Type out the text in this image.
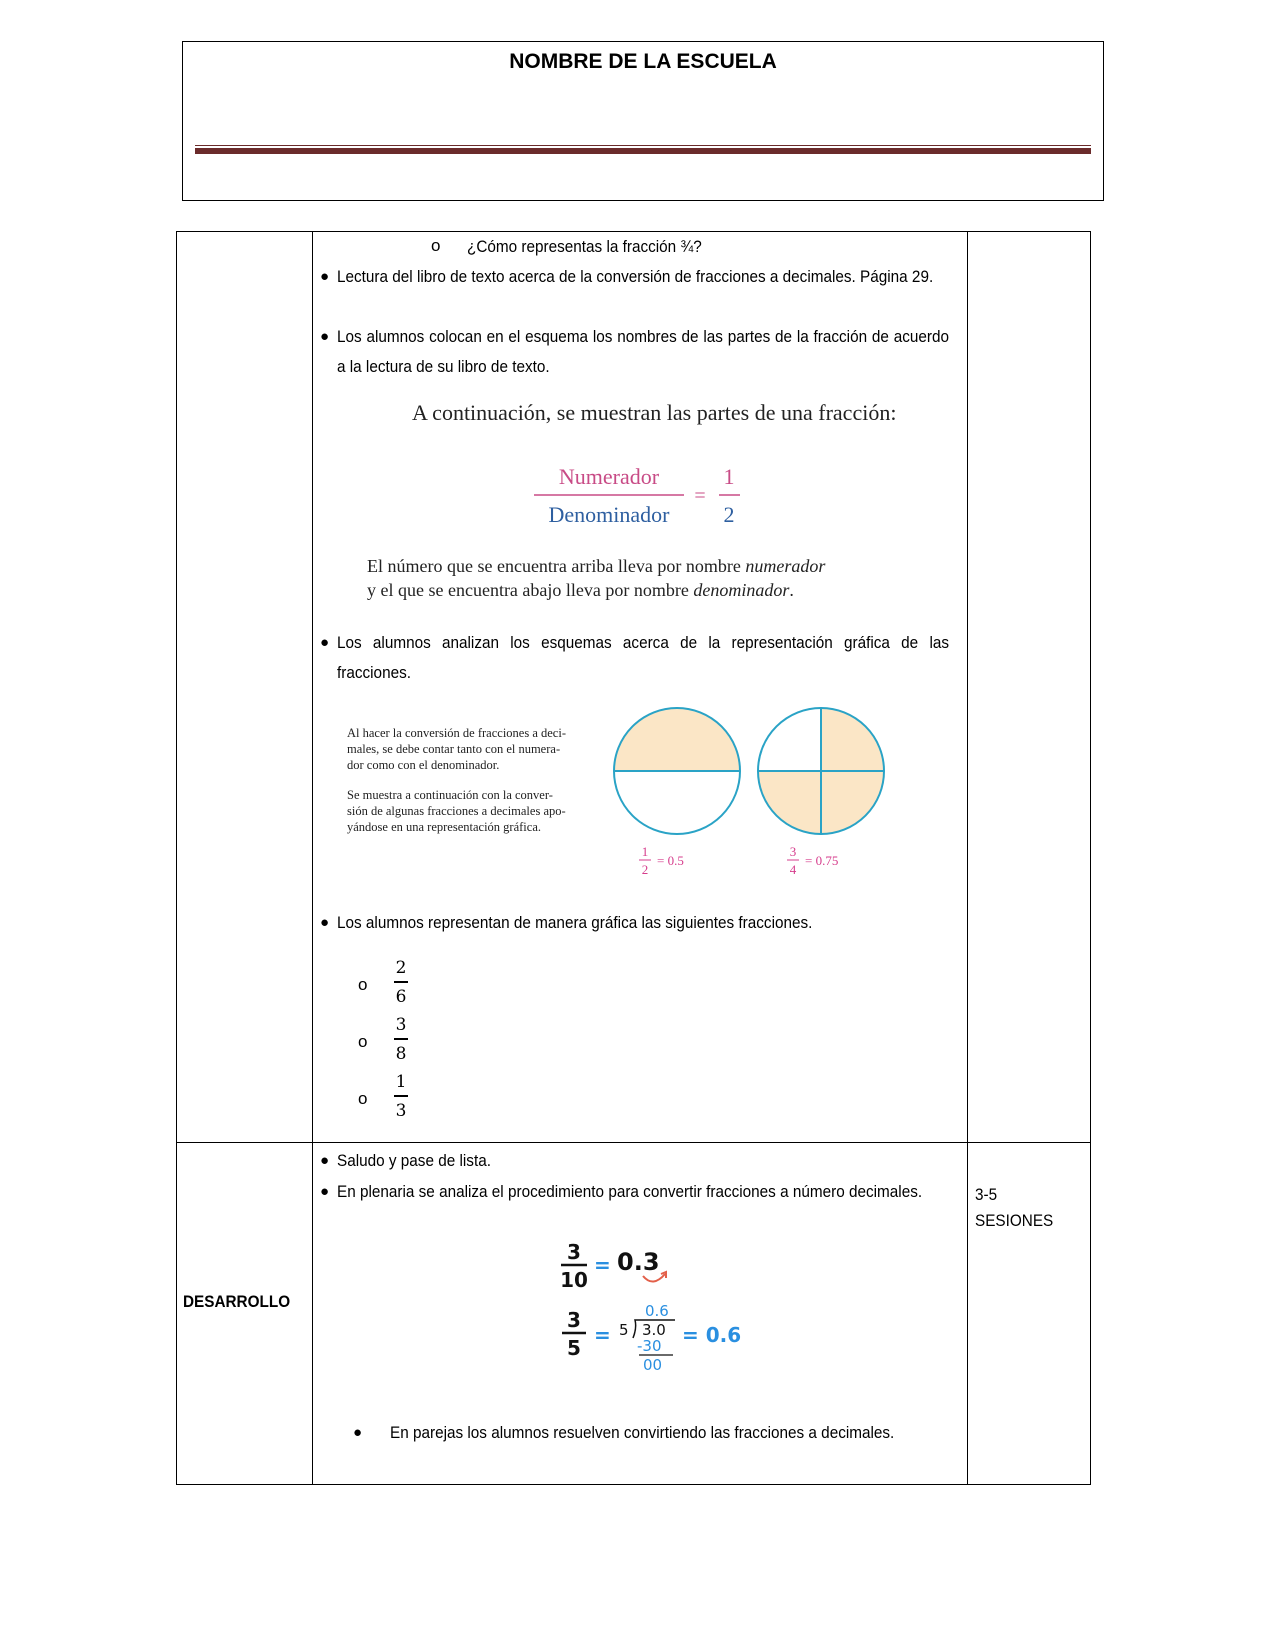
NOMBRE DE LA ESCUELA
o ¿Cómo representas la fracción ¾?
● Lectura del libro de texto acerca de la conversión de fracciones a decimales. Página 29.
● Los alumnos colocan en el esquema los nombres de las partes de la fracción de acuerdo a la lectura de su libro de texto.
A continuación, se muestran las partes de una fracción:
Numerador
Denominador
=
1
2
El número que se encuentra arriba lleva por nombre numerador
y el que se encuentra abajo lleva por nombre denominador.
● Los alumnos analizan los esquemas acerca de la representación gráfica de las fracciones.
Al hacer la conversión de fracciones a deci-
males, se debe contar tanto con el numera-
dor como con el denominador.
Se muestra a continuación con la conver-
sión de algunas fracciones a decimales apo-
yándose en una representación gráfica.
1
2
= 0.5
3
4
= 0.75
● Los alumnos representan de manera gráfica las siguientes fracciones.
o
2
6
o
3
8
o
1
3
DESARROLLO
3-5 SESIONES
● Saludo y pase de lista.
● En plenaria se analiza el procedimiento para convertir fracciones a número decimales.
3
10
= 0.3
3
5
=
0.6
5 3.0
-30
00
= 0.6
● En parejas los alumnos resuelven convirtiendo las fracciones a decimales.
